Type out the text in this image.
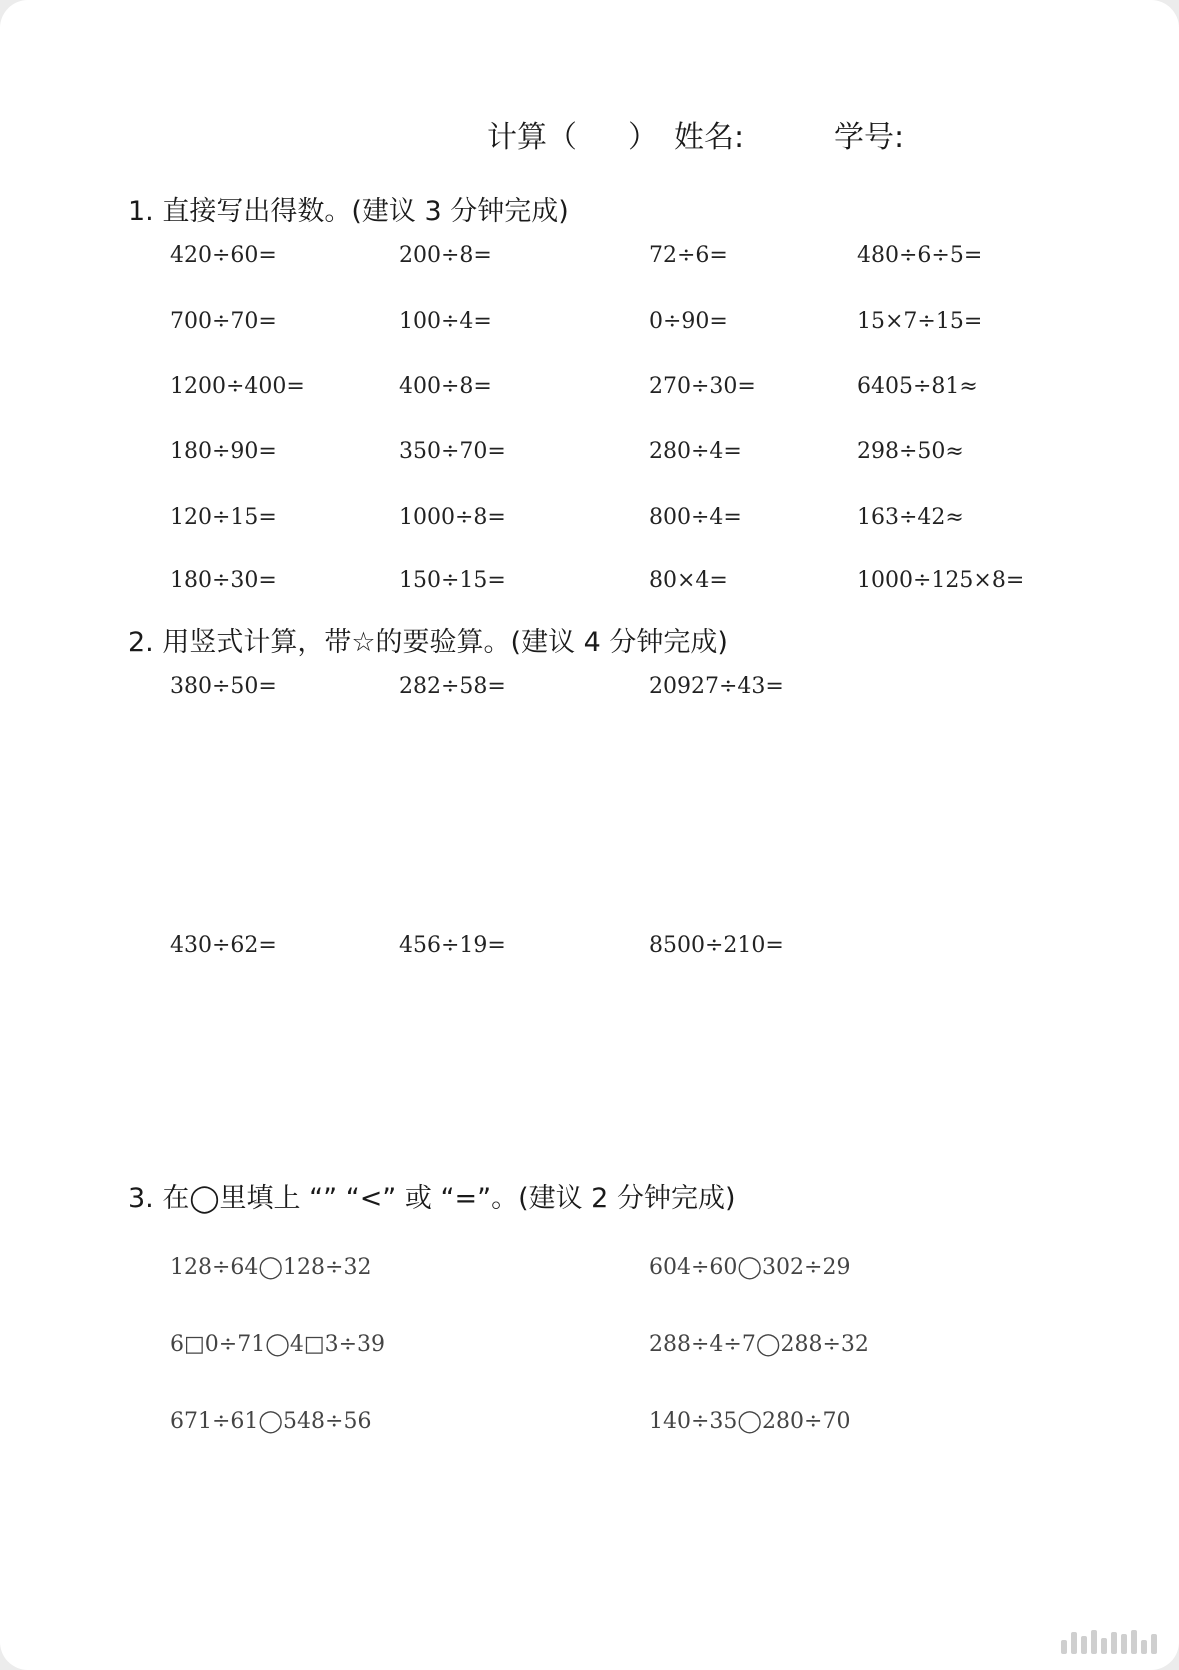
计算（ ） 姓名:	学号:
1. 直接写出得数。(建议 3 分钟完成)
420÷60=	200÷8=	72÷6=	480÷6÷5=
700÷70=	100÷4=	0÷90=	15×7÷15=
1200÷400=	400÷8=	270÷30=	6405÷81≈
180÷90=	350÷70=	280÷4=	298÷50≈
120÷15=	1000÷8=	800÷4=	163÷42≈
180÷30=	150÷15=	80×4=	1000÷125×8=
2. 用竖式计算，带☆的要验算。(建议 4 分钟完成)
380÷50=	282÷58=	20927÷43=
430÷62=	456÷19=	8500÷210=
3. 在◯里填上 “” “<” 或 “=”。(建议 2 分钟完成)
128÷64◯128÷32	604÷60◯302÷29
6□0÷71◯4□3÷39	288÷4÷7◯288÷32
671÷61◯548÷56	140÷35◯280÷70
